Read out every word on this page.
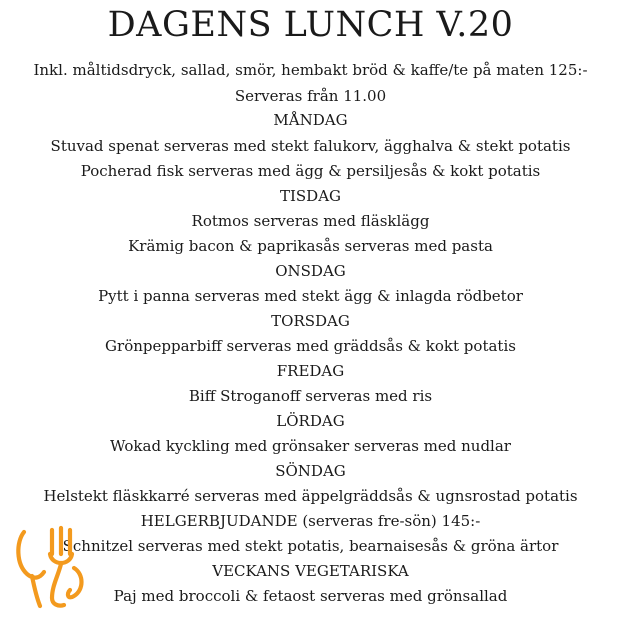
DAGENS LUNCH V.20
Inkl. måltidsdryck, sallad, smör, hembakt bröd & kaffe/te på maten 125:-
Serveras från 11.00
MÅNDAG
Stuvad spenat serveras med stekt falukorv, ägghalva & stekt potatis
Pocherad fisk serveras med ägg & persiljesås & kokt potatis
TISDAG
Rotmos serveras med fläsklägg
Krämig bacon & paprikasås serveras med pasta
ONSDAG
Pytt i panna serveras med stekt ägg & inlagda rödbetor
TORSDAG
Grönpepparbiff serveras med gräddsås & kokt potatis
FREDAG
Biff Stroganoff serveras med ris
LÖRDAG
Wokad kyckling med grönsaker serveras med nudlar
SÖNDAG
Helstekt fläskkarré serveras med äppelgräddsås & ugnsrostad potatis
HELGERBJUDANDE (serveras fre-sön) 145:-
Schnitzel serveras med stekt potatis, bearnaisesås & gröna ärtor
VECKANS VEGETARISKA
Paj med broccoli & fetaost serveras med grönsallad
